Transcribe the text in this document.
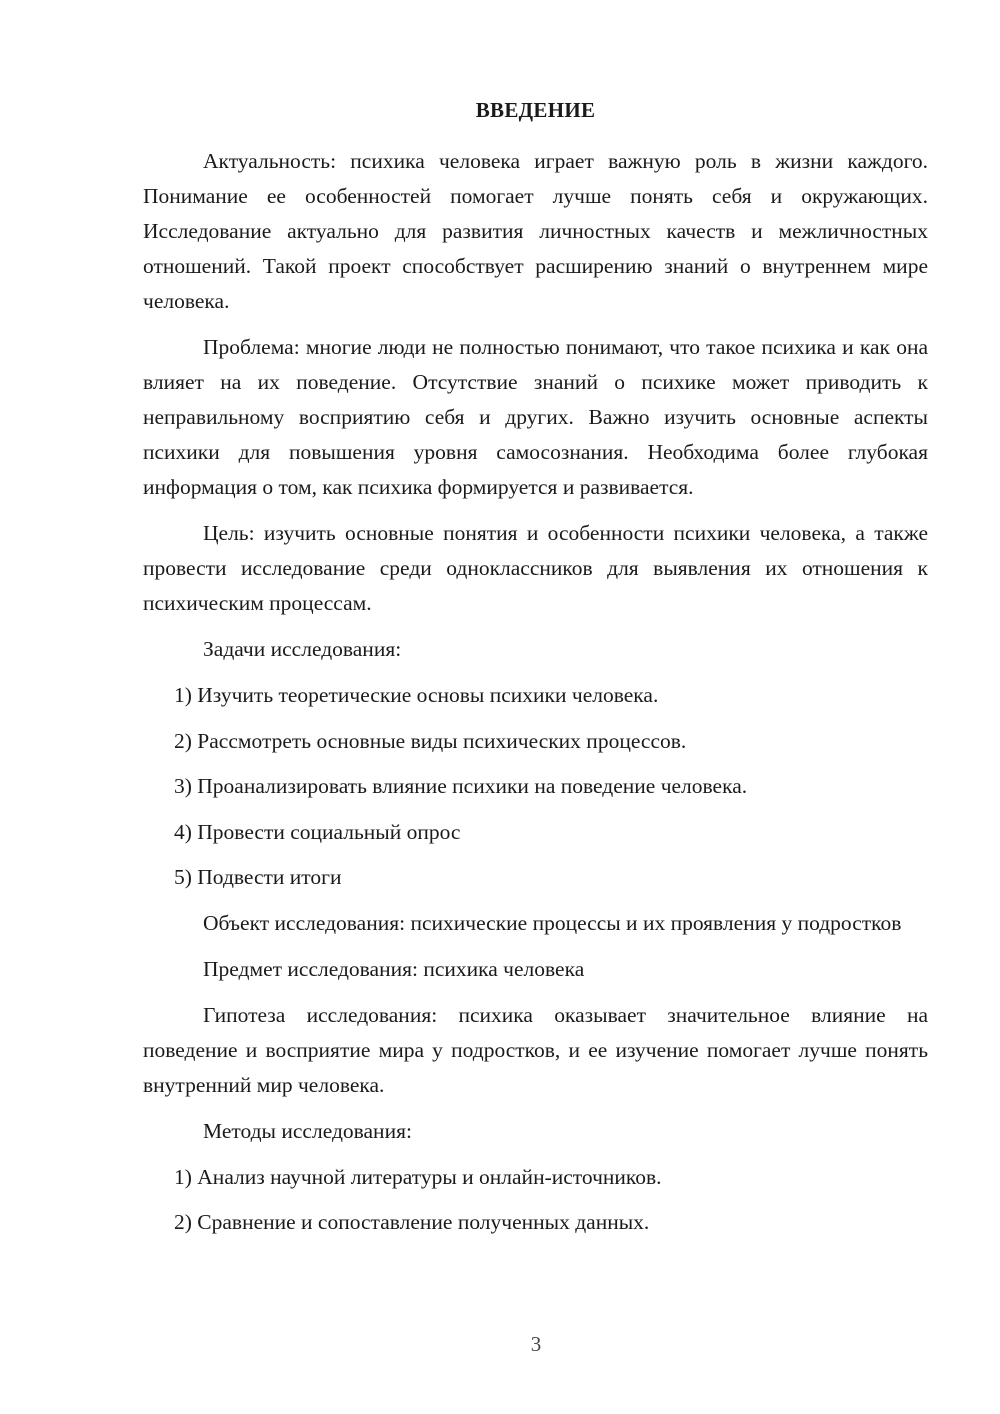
ВВЕДЕНИЕ

Актуальность: психика человека играет важную роль в жизни каждого. Понимание ее особенностей помогает лучше понять себя и окружающих. Исследование актуально для развития личностных качеств и межличностных отношений. Такой проект способствует расширению знаний о внутреннем мире человека.

Проблема: многие люди не полностью понимают, что такое психика и как она влияет на их поведение. Отсутствие знаний о психике может приводить к неправильному восприятию себя и других. Важно изучить основные аспекты психики для повышения уровня самосознания. Необходима более глубокая информация о том, как психика формируется и развивается.

Цель: изучить основные понятия и особенности психики человека, а также провести исследование среди одноклассников для выявления их отношения к психическим процессам.

Задачи исследования:

1) Изучить теоретические основы психики человека.
2) Рассмотреть основные виды психических процессов.
3) Проанализировать влияние психики на поведение человека.
4) Провести социальный опрос
5) Подвести итоги

Объект исследования: психические процессы и их проявления у подростков

Предмет исследования: психика человека

Гипотеза исследования: психика оказывает значительное влияние на поведение и восприятие мира у подростков, и ее изучение помогает лучше понять внутренний мир человека.

Методы исследования:

1) Анализ научной литературы и онлайн-источников.
2) Сравнение и сопоставление полученных данных.
3
